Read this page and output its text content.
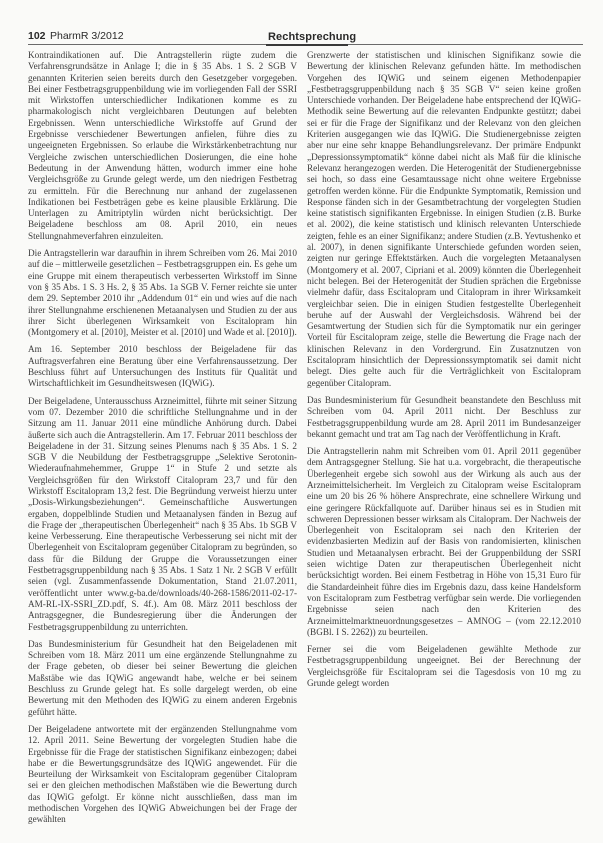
102 PharmR 3/2012	Rechtsprechung

Kontraindikationen auf. Die Antragstellerin rügte zudem die Verfahrensgrundsätze in Anlage I; die in § 35 Abs. 1 S. 2 SGB V genannten Kriterien seien bereits durch den Gesetzgeber vorgegeben. Bei einer Festbetragsgruppenbildung wie im vorliegenden Fall der SSRI mit Wirkstoffen unterschiedlicher Indikationen komme es zu pharmakologisch nicht vergleichbaren Deutungen auf belebten Ergebnissen. Wenn unterschiedliche Wirkstoffe auf Grund der Ergebnisse verschiedener Bewertungen anfielen, führe dies zu ungeeigneten Ergebnissen. So erlaube die Wirkstärkenbetrachtung nur Vergleiche zwischen unterschiedlichen Dosierungen, die eine hohe Bedeutung in der Anwendung hätten, wodurch immer eine hohe Vergleichsgröße zu Grunde gelegt werde, um den niedrigen Festbetrag zu ermitteln. Für die Berechnung nur anhand der zugelassenen Indikationen bei Festbeträgen gebe es keine plausible Erklärung. Die Unterlagen zu Amitriptylin würden nicht berücksichtigt. Der Beigeladene beschloss am 08. April 2010, ein neues Stellungnahmeverfahren einzuleiten.

Die Antragstellerin war daraufhin in ihrem Schreiben vom 26. Mai 2010 auf die – mittlerweile gesetzlichen – Festbetragsgruppen ein. Es gehe um eine Gruppe mit einem therapeutisch verbesserten Wirkstoff im Sinne von § 35 Abs. 1 S. 3 Hs. 2, § 35 Abs. 1a SGB V. Ferner reichte sie unter dem 29. September 2010 ihr „Addendum 01“ ein und wies auf die nach ihrer Stellungnahme erschienenen Metaanalysen und Studien zu der aus ihrer Sicht überlegenen Wirksamkeit von Escitalopram hin (Montgomery et al. [2010], Meister et al. [2010] und Wade et al. [2010]).

Am 16. September 2010 beschloss der Beigeladene für das Auftragsverfahren eine Beratung über eine Verfahrensaussetzung. Der Beschluss führt auf Untersuchungen des Instituts für Qualität und Wirtschaftlichkeit im Gesundheitswesen (IQWiG).

Der Beigeladene, Unterausschuss Arzneimittel, führte mit seiner Sitzung vom 07. Dezember 2010 die schriftliche Stellungnahme und in der Sitzung am 11. Januar 2011 eine mündliche Anhörung durch. Dabei äußerte sich auch die Antragstellerin. Am 17. Februar 2011 beschloss der Beigeladene in der 31. Sitzung seines Plenums nach § 35 Abs. 1 S. 2 SGB V die Neubildung der Festbetragsgruppe „Selektive Serotonin-Wiederaufnahmehemmer, Gruppe 1“ in Stufe 2 und setzte als Vergleichsgrößen für den Wirkstoff Citalopram 23,7 und für den Wirkstoff Escitalopram 13,2 fest. Die Begründung verweist hierzu unter „Dosis-Wirkungsbeziehungen“. Gemeinschaftliche Auswertungen ergaben, doppelblinde Studien und Metaanalysen fänden in Bezug auf die Frage der „therapeutischen Überlegenheit“ nach § 35 Abs. 1b SGB V keine Verbesserung. Eine therapeutische Verbesserung sei nicht mit der Überlegenheit von Escitalopram gegenüber Citalopram zu begründen, so dass für die Bildung der Gruppe die Voraussetzungen einer Festbetragsgruppenbildung nach § 35 Abs. 1 Satz 1 Nr. 2 SGB V erfüllt seien (vgl. Zusammenfassende Dokumentation, Stand 21.07.2011, veröffentlicht unter www.g-ba.de/downloads/40-268-1586/2011-02-17-AM-RL-IX-SSRI_ZD.pdf, S. 4f.). Am 08. März 2011 beschloss der Antragsgegner, die Bundesregierung über die Änderungen der Festbetragsgruppenbildung zu unterrichten.

Das Bundesministerium für Gesundheit hat den Beigeladenen mit Schreiben vom 18. März 2011 um eine ergänzende Stellungnahme zu der Frage gebeten, ob dieser bei seiner Bewertung die gleichen Maßstäbe wie das IQWiG angewandt habe, welche er bei seinem Beschluss zu Grunde gelegt hat. Es solle dargelegt werden, ob eine Bewertung mit den Methoden des IQWiG zu einem anderen Ergebnis geführt hätte.

Der Beigeladene antwortete mit der ergänzenden Stellungnahme vom 12. April 2011. Seine Bewertung der vorgelegten Studien habe die Ergebnisse für die Frage der statistischen Signifikanz einbezogen; dabei habe er die Bewertungsgrundsätze des IQWiG angewendet. Für die Beurteilung der Wirksamkeit von Escitalopram gegenüber Citalopram sei er den gleichen methodischen Maßstäben wie die Bewertung durch das IQWiG gefolgt. Er könne nicht ausschließen, dass man im methodischen Vorgehen des IQWiG Abweichungen bei der Frage der gewählten

Grenzwerte der statistischen und klinischen Signifikanz sowie die Bewertung der klinischen Relevanz gefunden hätte. Im methodischen Vorgehen des IQWiG und seinem eigenen Methodenpapier „Festbetragsgruppenbildung nach § 35 SGB V“ seien keine großen Unterschiede vorhanden. Der Beigeladene habe entsprechend der IQWiG-Methodik seine Bewertung auf die relevanten Endpunkte gestützt; dabei sei er für die Frage der Signifikanz und der Relevanz von den gleichen Kriterien ausgegangen wie das IQWiG. Die Studienergebnisse zeigten aber nur eine sehr knappe Behandlungsrelevanz. Der primäre Endpunkt „Depressionssymptomatik“ könne dabei nicht als Maß für die klinische Relevanz herangezogen werden. Die Heterogenität der Studienergebnisse sei hoch, so dass eine Gesamtaussage nicht ohne weitere Ergebnisse getroffen werden könne. Für die Endpunkte Symptomatik, Remission und Response fänden sich in der Gesamtbetrachtung der vorgelegten Studien keine statistisch signifikanten Ergebnisse. In einigen Studien (z.B. Burke et al. 2002), die keine statistisch und klinisch relevanten Unterschiede zeigten, fehle es an einer Signifikanz; andere Studien (z.B. Yevtushenko et al. 2007), in denen signifikante Unterschiede gefunden worden seien, zeigten nur geringe Effektstärken. Auch die vorgelegten Metaanalysen (Montgomery et al. 2007, Cipriani et al. 2009) könnten die Überlegenheit nicht belegen. Bei der Heterogenität der Studien sprächen die Ergebnisse vielmehr dafür, dass Escitalopram und Citalopram in ihrer Wirksamkeit vergleichbar seien. Die in einigen Studien festgestellte Überlegenheit beruhe auf der Auswahl der Vergleichsdosis. Während bei der Gesamtwertung der Studien sich für die Symptomatik nur ein geringer Vorteil für Escitalopram zeige, stelle die Bewertung die Frage nach der klinischen Relevanz in den Vordergrund. Ein Zusatznutzen von Escitalopram hinsichtlich der Depressionssymptomatik sei damit nicht belegt. Dies gelte auch für die Verträglichkeit von Escitalopram gegenüber Citalopram.

Das Bundesministerium für Gesundheit beanstandete den Beschluss mit Schreiben vom 04. April 2011 nicht. Der Beschluss zur Festbetragsgruppenbildung wurde am 28. April 2011 im Bundesanzeiger bekannt gemacht und trat am Tag nach der Veröffentlichung in Kraft.

Die Antragstellerin nahm mit Schreiben vom 01. April 2011 gegenüber dem Antragsgegner Stellung. Sie hat u.a. vorgebracht, die therapeutische Überlegenheit ergebe sich sowohl aus der Wirkung als auch aus der Arzneimittelsicherheit. Im Vergleich zu Citalopram weise Escitalopram eine um 20 bis 26 % höhere Ansprechrate, eine schnellere Wirkung und eine geringere Rückfallquote auf. Darüber hinaus sei es in Studien mit schweren Depressionen besser wirksam als Citalopram. Der Nachweis der Überlegenheit von Escitalopram sei nach den Kriterien der evidenzbasierten Medizin auf der Basis von randomisierten, klinischen Studien und Metaanalysen erbracht. Bei der Gruppenbildung der SSRI seien wichtige Daten zur therapeutischen Überlegenheit nicht berücksichtigt worden. Bei einem Festbetrag in Höhe von 15,31 Euro für die Standardeinheit führe dies im Ergebnis dazu, dass keine Handelsform von Escitalopram zum Festbetrag verfügbar sein werde. Die vorliegenden Ergebnisse seien nach den Kriterien des Arzneimittelmarktneuordnungsgesetzes – AMNOG – (vom 22.12.2010 (BGBl. I S. 2262)) zu beurteilen.

Ferner sei die vom Beigeladenen gewählte Methode zur Festbetragsgruppenbildung ungeeignet. Bei der Berechnung der Vergleichsgröße für Escitalopram sei die Tagesdosis von 10 mg zu Grunde gelegt worden
